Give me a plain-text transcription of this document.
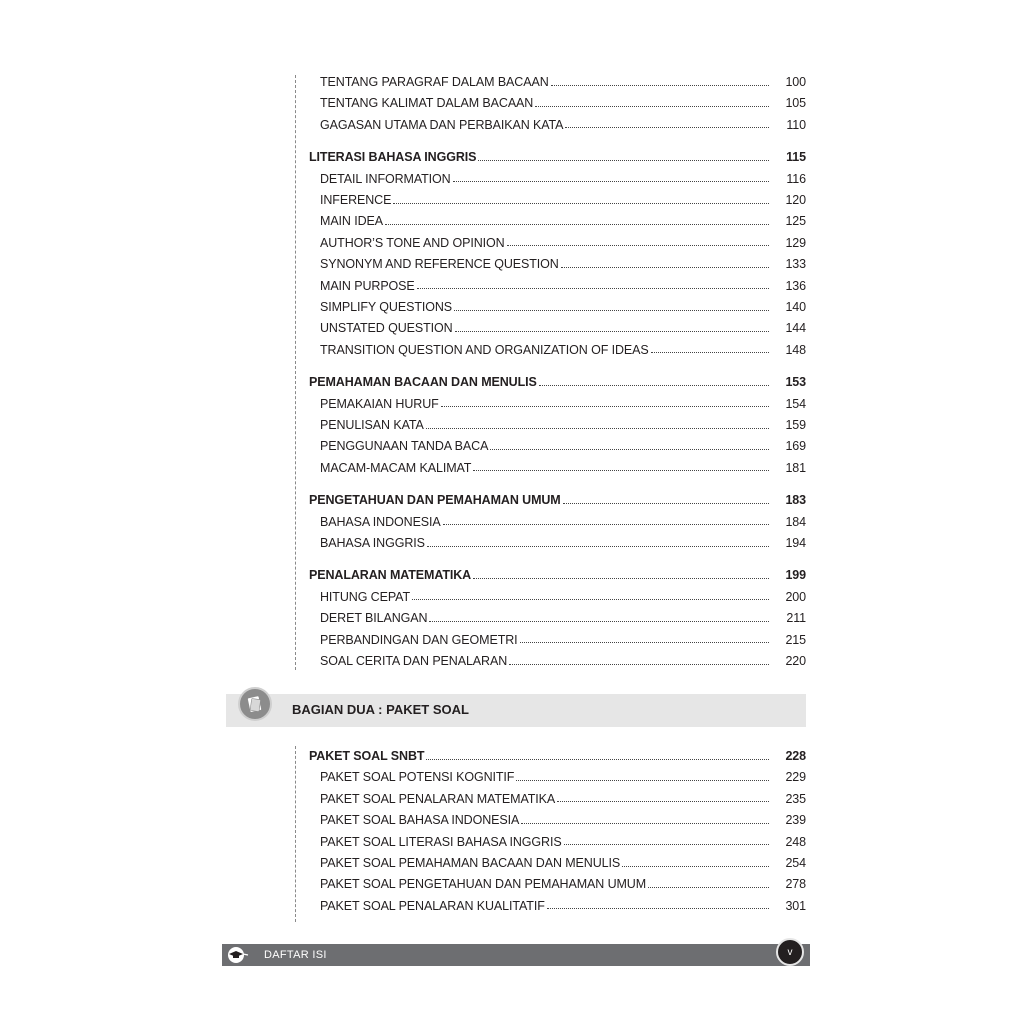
TENTANG PARAGRAF DALAM BACAAN	100
TENTANG KALIMAT DALAM BACAAN	105
GAGASAN UTAMA DAN PERBAIKAN KATA	110
LITERASI BAHASA INGGRIS	115
DETAIL INFORMATION	116
INFERENCE	120
MAIN IDEA	125
AUTHOR’S TONE AND OPINION	129
SYNONYM AND REFERENCE QUESTION	133
MAIN PURPOSE	136
SIMPLIFY QUESTIONS	140
UNSTATED QUESTION	144
TRANSITION QUESTION AND ORGANIZATION OF IDEAS	148
PEMAHAMAN BACAAN DAN MENULIS	153
PEMAKAIAN HURUF	154
PENULISAN KATA	159
PENGGUNAAN TANDA BACA	169
MACAM-MACAM KALIMAT	181
PENGETAHUAN DAN PEMAHAMAN UMUM	183
BAHASA INDONESIA	184
BAHASA INGGRIS	194
PENALARAN MATEMATIKA	199
HITUNG CEPAT	200
DERET BILANGAN	211
PERBANDINGAN DAN GEOMETRI	215
SOAL CERITA DAN PENALARAN	220
PAKET SOAL SNBT	228
PAKET SOAL POTENSI KOGNITIF	229
PAKET SOAL PENALARAN MATEMATIKA	235
PAKET SOAL BAHASA INDONESIA	239
PAKET SOAL LITERASI BAHASA INGGRIS	248
PAKET SOAL PEMAHAMAN BACAAN DAN MENULIS	254
PAKET SOAL PENGETAHUAN DAN PEMAHAMAN UMUM	278
PAKET SOAL PENALARAN KUALITATIF	301
BAGIAN DUA : PAKET SOAL
DAFTAR ISI	v
